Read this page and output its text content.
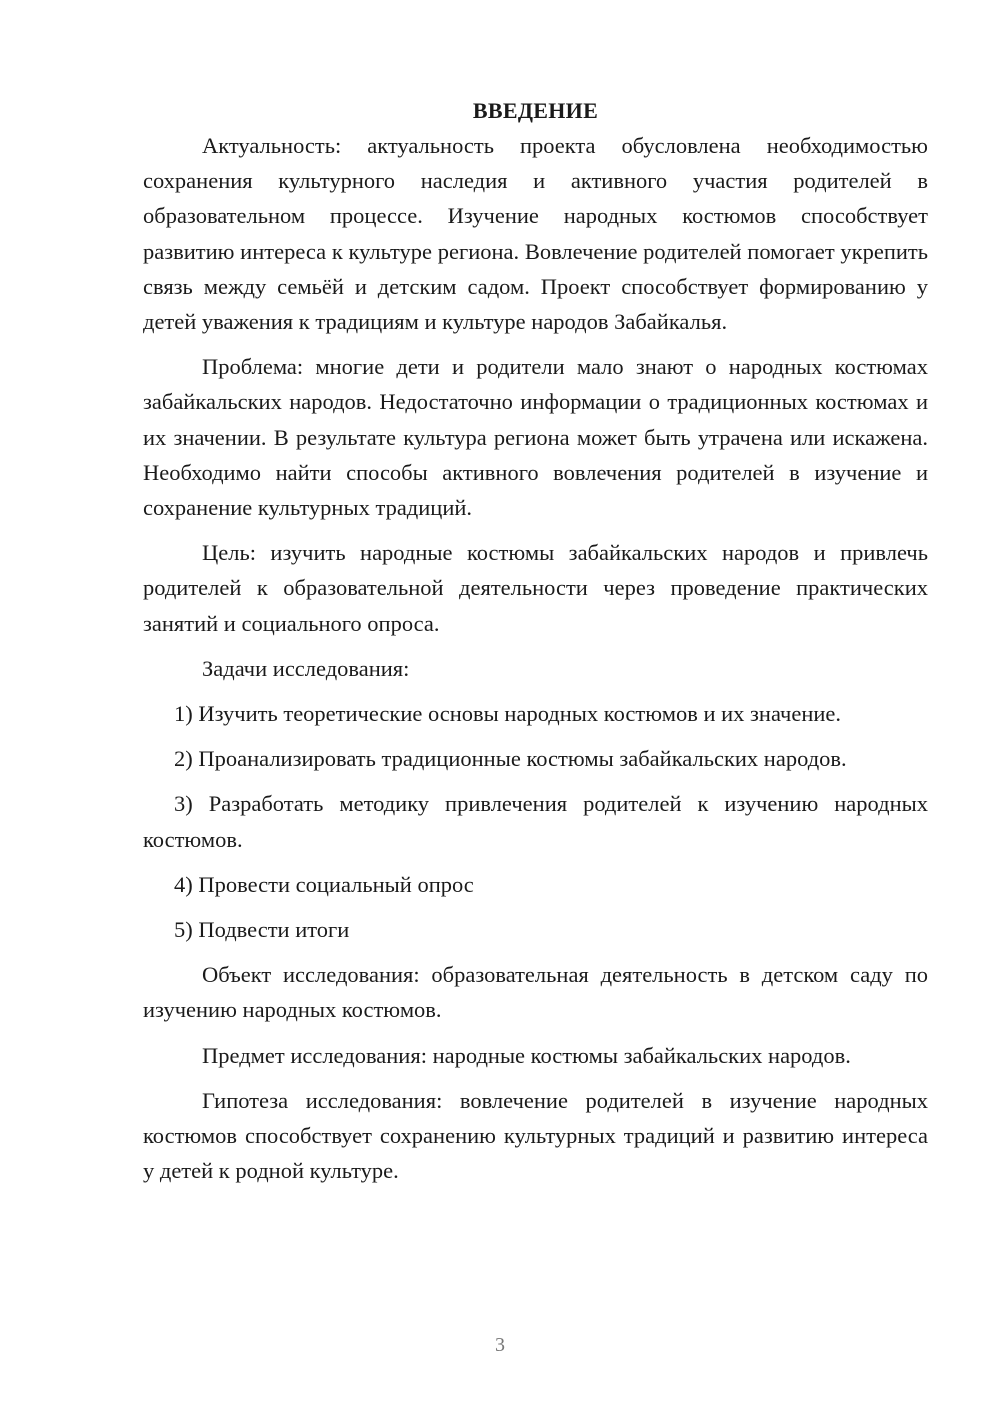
ВВЕДЕНИЕ

Актуальность: актуальность проекта обусловлена необходимостью сохранения культурного наследия и активного участия родителей в образовательном процессе. Изучение народных костюмов способствует развитию интереса к культуре региона. Вовлечение родителей помогает укрепить связь между семьёй и детским садом. Проект способствует формированию у детей уважения к традициям и культуре народов Забайкалья.

Проблема: многие дети и родители мало знают о народных костюмах забайкальских народов. Недостаточно информации о традиционных костюмах и их значении. В результате культура региона может быть утрачена или искажена. Необходимо найти способы активного вовлечения родителей в изучение и сохранение культурных традиций.

Цель: изучить народные костюмы забайкальских народов и привлечь родителей к образовательной деятельности через проведение практических занятий и социального опроса.

Задачи исследования:

1) Изучить теоретические основы народных костюмов и их значение.

2) Проанализировать традиционные костюмы забайкальских народов.

3) Разработать методику привлечения родителей к изучению народных костюмов.

4) Провести социальный опрос

5) Подвести итоги

Объект исследования: образовательная деятельность в детском саду по изучению народных костюмов.

Предмет исследования: народные костюмы забайкальских народов.

Гипотеза исследования: вовлечение родителей в изучение народных костюмов способствует сохранению культурных традиций и развитию интереса у детей к родной культуре.

3
